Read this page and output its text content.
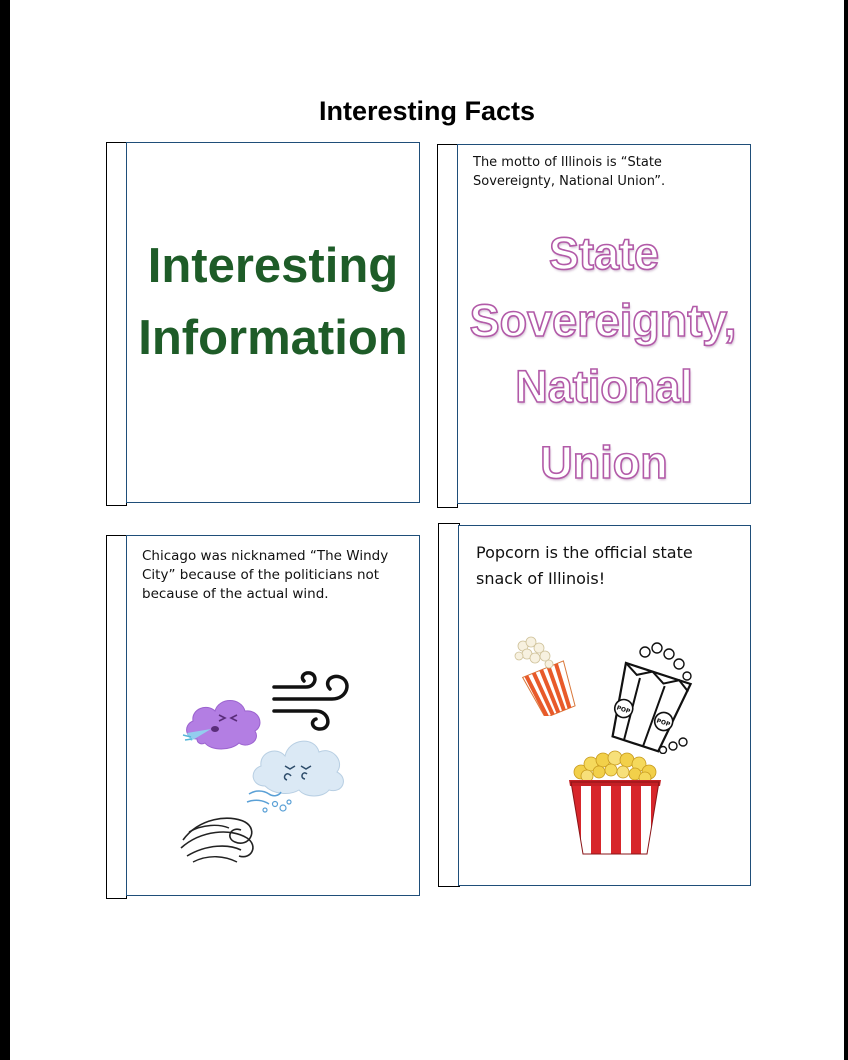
Interesting Facts
Interesting
Information
The motto of Illinois is “State
Sovereignty, National Union”.
State
Sovereignty,
National
Union
Chicago was nicknamed “The Windy
City” because of the politicians not
because of the actual wind.
Popcorn is the official state
snack of Illinois!
POP
POP
